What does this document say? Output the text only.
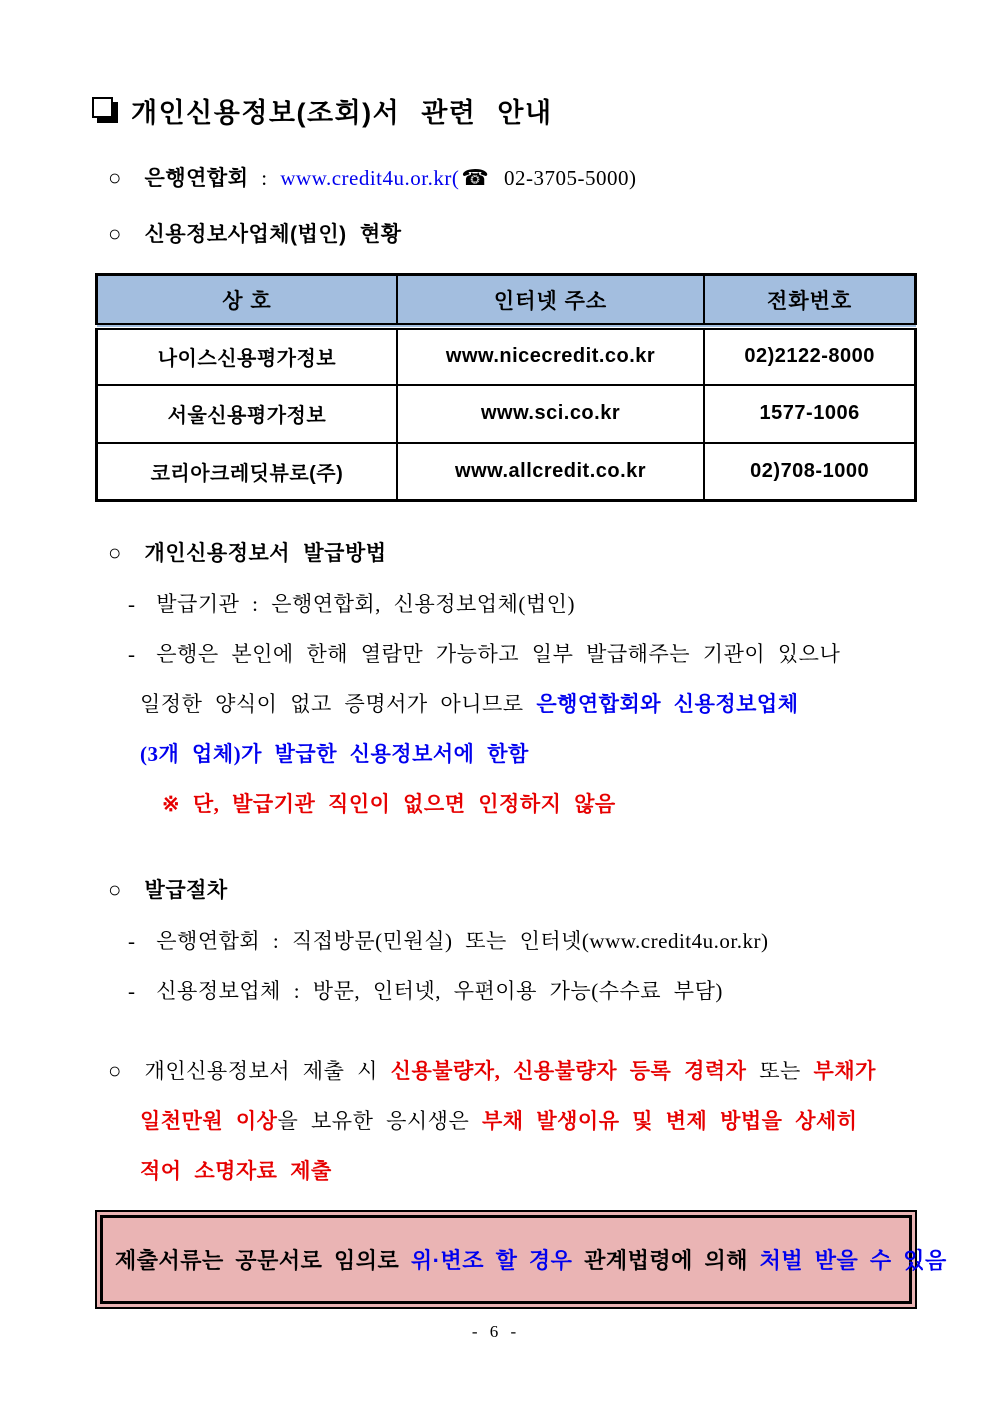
개인신용정보(조회)서 관련 안내
○ 은행연합회 : www.credit4u.or.kr(☎ 02-3705-5000)
○ 신용정보사업체(법인) 현황
상 호	인터넷 주소	전화번호
나이스신용평가정보	www.nicecredit.co.kr	02)2122-8000
서울신용평가정보	www.sci.co.kr	1577-1006
코리아크레딧뷰로(주)	www.allcredit.co.kr	02)708-1000
○ 개인신용정보서 발급방법
- 발급기관 : 은행연합회, 신용정보업체(법인)
- 은행은 본인에 한해 열람만 가능하고 일부 발급해주는 기관이 있으나
일정한 양식이 없고 증명서가 아니므로 은행연합회와 신용정보업체
(3개 업체)가 발급한 신용정보서에 한함
※ 단, 발급기관 직인이 없으면 인정하지 않음
○ 발급절차
- 은행연합회 : 직접방문(민원실) 또는 인터넷(www.credit4u.or.kr)
- 신용정보업체 : 방문, 인터넷, 우편이용 가능(수수료 부담)
○ 개인신용정보서 제출 시 신용불량자, 신용불량자 등록 경력자 또는 부채가
일천만원 이상을 보유한 응시생은 부채 발생이유 및 변제 방법을 상세히
적어 소명자료 제출
제출서류는 공문서로 임의로 위·변조 할 경우 관계법령에 의해 처벌 받을 수 있음
- 6 -
